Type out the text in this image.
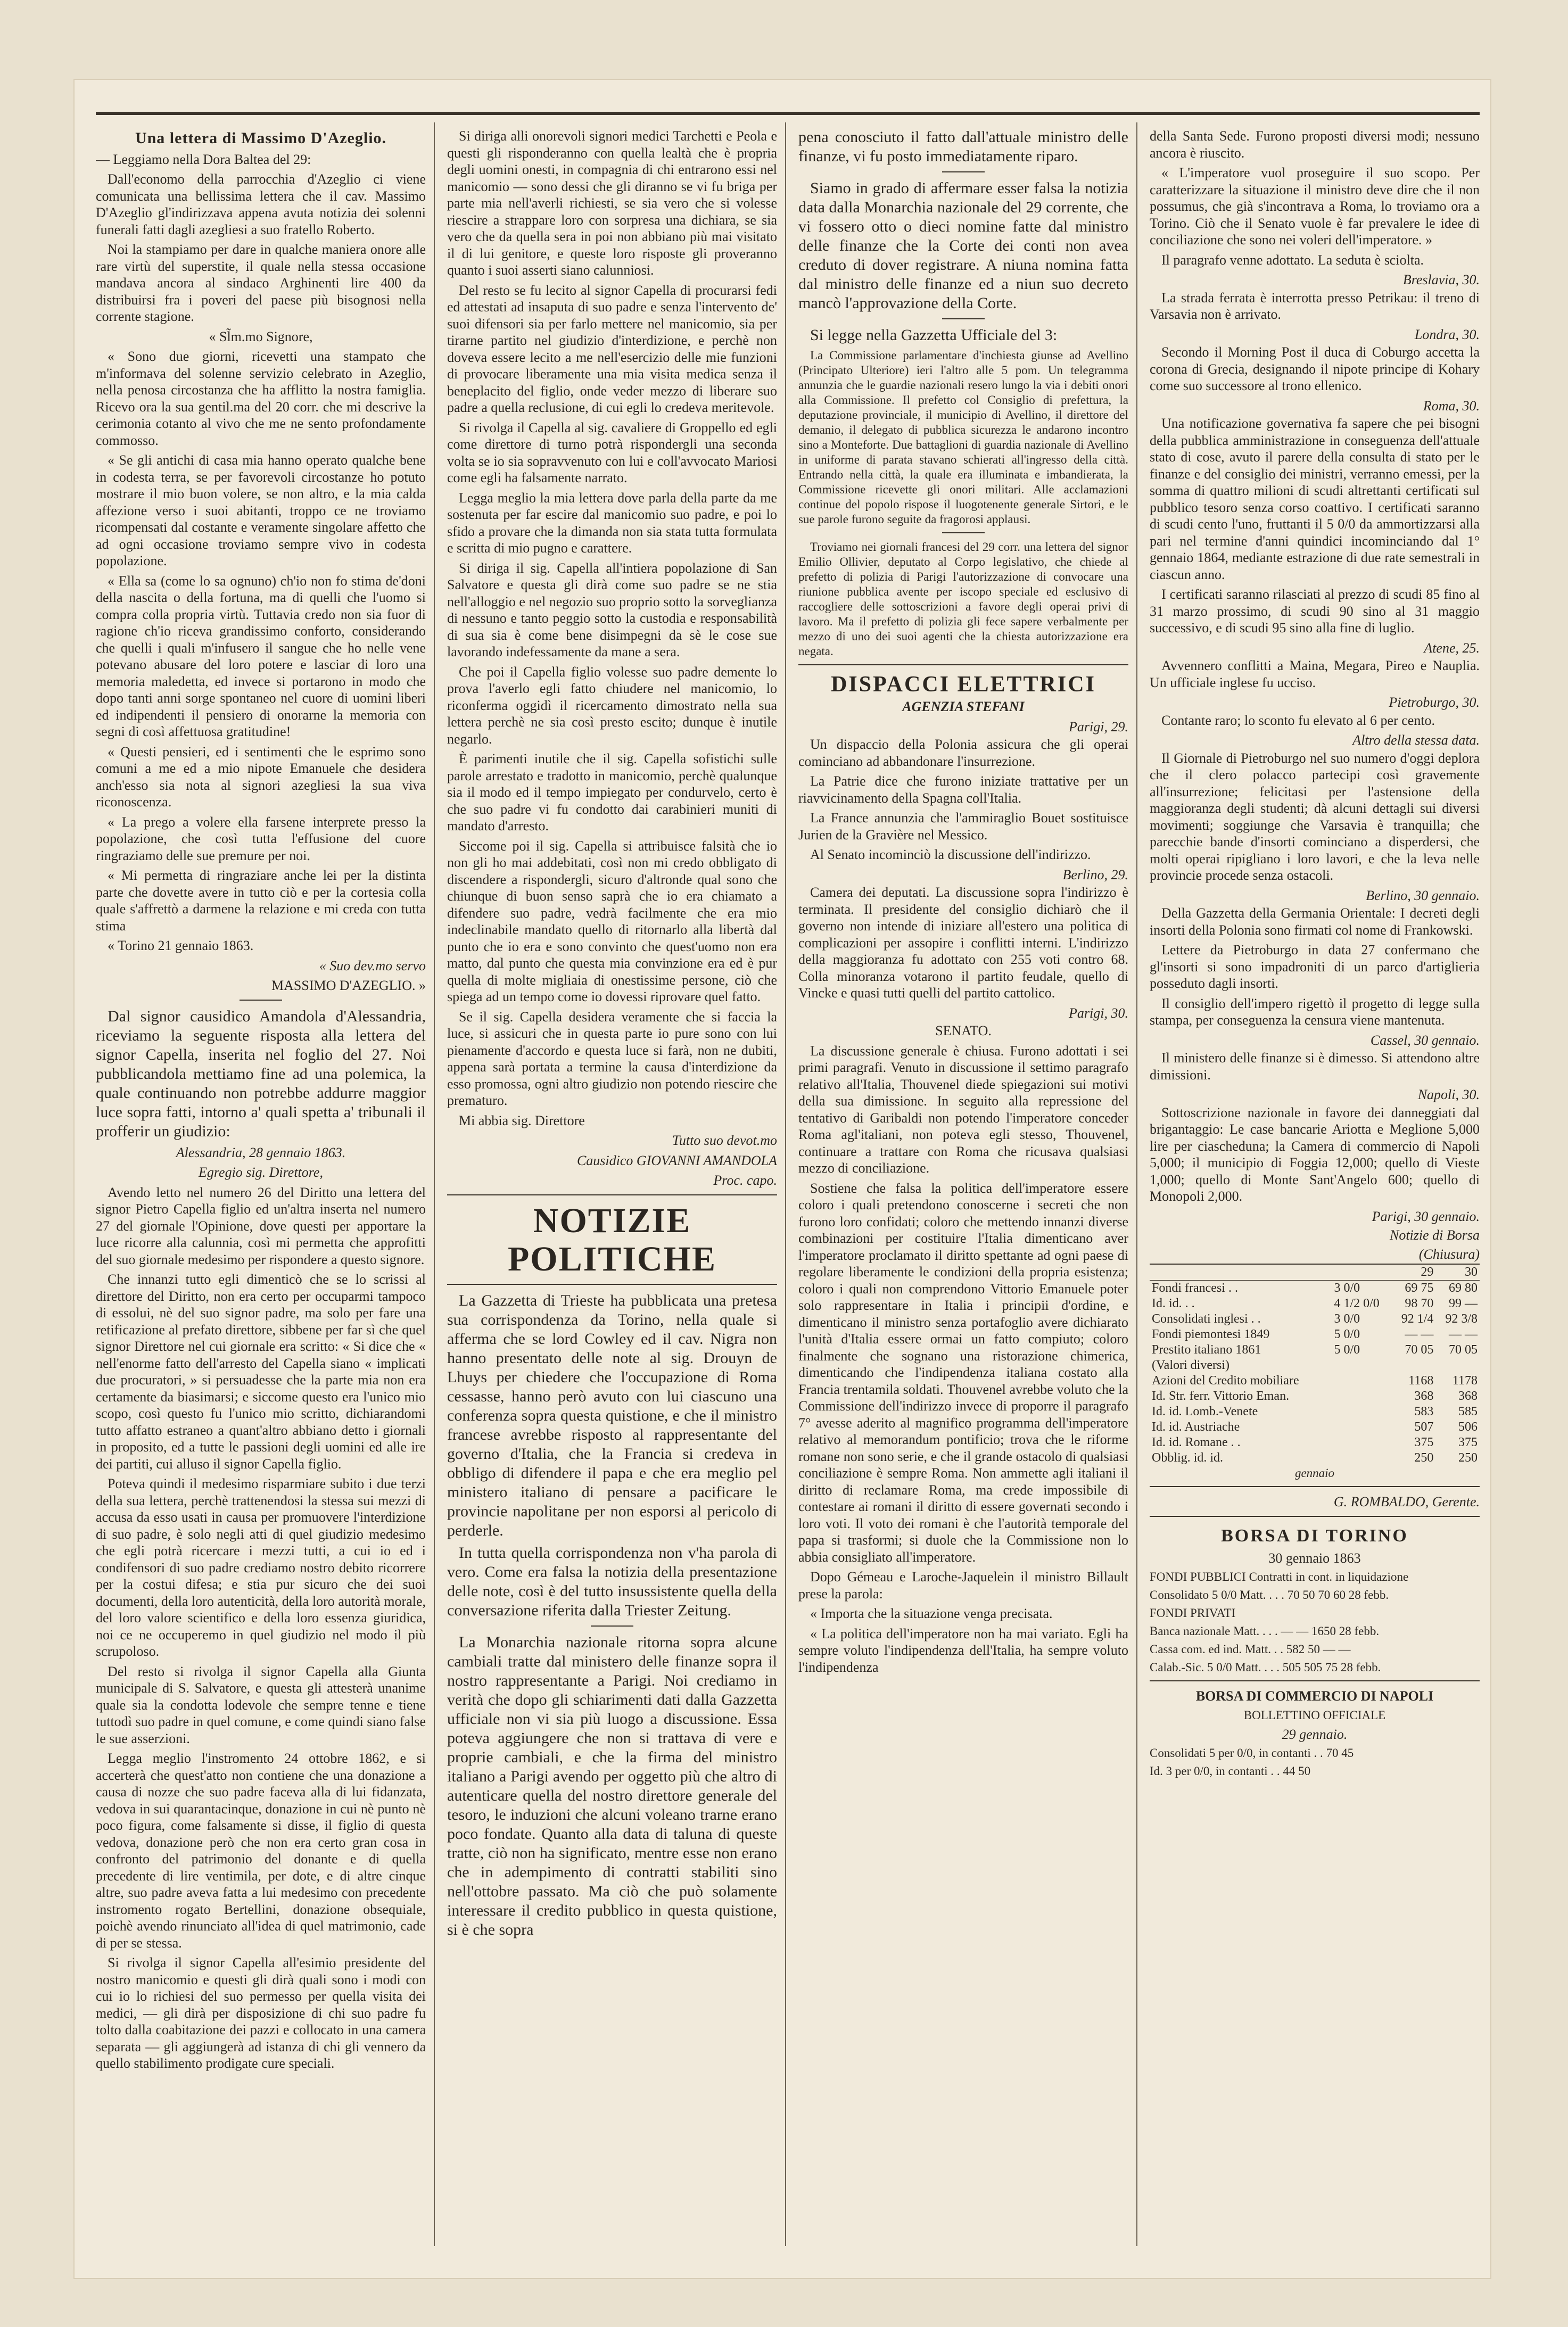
Una lettera di Massimo D'Azeglio.

— Leggiamo nella Dora Baltea del 29:

Dall'economo della parrocchia d'Azeglio ci viene comunicata una bellissima lettera che il cav. Massimo D'Azeglio gl'indirizzava appena avuta notizia dei solenni funerali fatti dagli azegliesi a suo fratello Roberto.

Noi la stampiamo per dare in qualche maniera onore alle rare virtù del superstite, il quale nella stessa occasione mandava ancora al sindaco Arghinenti lire 400 da distribuirsi fra i poveri del paese più bisognosi nella corrente stagione.

« Sl̃m.mo Signore,

« Sono due giorni, ricevetti una stampato che m'informava del solenne servizio celebrato in Azeglio, nella penosa circostanza che ha afflitto la nostra famiglia. Ricevo ora la sua gentil.ma del 20 corr. che mi descrive la cerimonia cotanto al vivo che me ne sento profondamente commosso.

« Se gli antichi di casa mia hanno operato qualche bene in codesta terra, se per favorevoli circostanze ho potuto mostrare il mio buon volere, se non altro, e la mia calda affezione verso i suoi abitanti, troppo ce ne troviamo ricompensati dal costante e veramente singolare affetto che ad ogni occasione troviamo sempre vivo in codesta popolazione.

« Ella sa (come lo sa ognuno) ch'io non fo stima de'doni della nascita o della fortuna, ma di quelli che l'uomo si compra colla propria virtù. Tuttavia credo non sia fuor di ragione ch'io riceva grandissimo conforto, considerando che quelli i quali m'infusero il sangue che ho nelle vene potevano abusare del loro potere e lasciar di loro una memoria maledetta, ed invece si portarono in modo che dopo tanti anni sorge spontaneo nel cuore di uomini liberi ed indipendenti il pensiero di onorarne la memoria con segni di così affettuosa gratitudine!

« Questi pensieri, ed i sentimenti che le esprimo sono comuni a me ed a mio nipote Emanuele che desidera anch'esso sia nota al signori azegliesi la sua viva riconoscenza.

« La prego a volere ella farsene interprete presso la popolazione, che così tutta l'effusione del cuore ringraziamo delle sue premure per noi.

« Mi permetta di ringraziare anche lei per la distinta parte che dovette avere in tutto ciò e per la cortesia colla quale s'affrettò a darmene la relazione e mi creda con tutta stima

« Torino 21 gennaio 1863.

« Suo dev.mo servo

MASSIMO D'AZEGLIO. »

Dal signor causidico Amandola d'Alessandria, riceviamo la seguente risposta alla lettera del signor Capella, inserita nel foglio del 27. Noi pubblicandola mettiamo fine ad una polemica, la quale continuando non potrebbe addurre maggior luce sopra fatti, intorno a' quali spetta a' tribunali il profferir un giudizio:

Alessandria, 28 gennaio 1863.

Egregio sig. Direttore,

Avendo letto nel numero 26 del Diritto una lettera del signor Pietro Capella figlio ed un'altra inserta nel numero 27 del giornale l'Opinione, dove questi per apportare la luce ricorre alla calunnia, così mi permetta che approfitti del suo giornale medesimo per rispondere a questo signore.

Che innanzi tutto egli dimenticò che se lo scrissi al direttore del Diritto, non era certo per occuparmi tampoco di essolui, nè del suo signor padre, ma solo per fare una retificazione al prefato direttore, sibbene per far sì che quel signor Direttore nel cui giornale era scritto: « Si dice che « nell'enorme fatto dell'arresto del Capella siano « implicati due procuratori, » si persuadesse che la parte mia non era certamente da biasimarsi; e siccome questo era l'unico mio scopo, così questo fu l'unico mio scritto, dichiarandomi tutto affatto estraneo a quant'altro abbiano detto i giornali in proposito, ed a tutte le passioni degli uomini ed alle ire dei partiti, cui alluso il signor Capella figlio.

Poteva quindi il medesimo risparmiare subito i due terzi della sua lettera, perchè trattenendosi la stessa sui mezzi di accusa da esso usati in causa per promuovere l'interdizione di suo padre, è solo negli atti di quel giudizio medesimo che egli potrà ricercare i mezzi tutti, a cui io ed i condifensori di suo padre crediamo nostro debito ricorrere per la costui difesa; e stia pur sicuro che dei suoi documenti, della loro autenticità, della loro autorità morale, del loro valore scientifico e della loro essenza giuridica, noi ce ne occuperemo in quel giudizio nel modo il più scrupoloso.

Del resto si rivolga il signor Capella alla Giunta municipale di S. Salvatore, e questa gli attesterà unanime quale sia la condotta lodevole che sempre tenne e tiene tuttodì suo padre in quel comune, e come quindi siano false le sue asserzioni.

Legga meglio l'instromento 24 ottobre 1862, e si accerterà che quest'atto non contiene che una donazione a causa di nozze che suo padre faceva alla di lui fidanzata, vedova in sui quarantacinque, donazione in cui nè punto nè poco figura, come falsamente si disse, il figlio di questa vedova, donazione però che non era certo gran cosa in confronto del patrimonio del donante e di quella precedente di lire ventimila, per dote, e di altre cinque altre, suo padre aveva fatta a lui medesimo con precedente instromento rogato Bertellini, donazione obsequiale, poichè avendo rinunciato all'idea di quel matrimonio, cade di per se stessa.

Si rivolga il signor Capella all'esimio presidente del nostro manicomio e questi gli dirà quali sono i modi con cui io lo richiesi del suo permesso per quella visita dei medici, — gli dirà per disposizione di chi suo padre fu tolto dalla coabitazione dei pazzi e collocato in una camera separata — gli aggiungerà ad istanza di chi gli vennero da quello stabilimento prodigate cure speciali.

Si diriga alli onorevoli signori medici Tarchetti e Peola e questi gli risponderanno con quella lealtà che è propria degli uomini onesti, in compagnia di chi entrarono essi nel manicomio — sono dessi che gli diranno se vi fu briga per parte mia nell'averli richiesti, se sia vero che si volesse riescire a strappare loro con sorpresa una dichiara, se sia vero che da quella sera in poi non abbiano più mai visitato il di lui genitore, e queste loro risposte gli proveranno quanto i suoi asserti siano calunniosi.

Del resto se fu lecito al signor Capella di procurarsi fedi ed attestati ad insaputa di suo padre e senza l'intervento de' suoi difensori sia per farlo mettere nel manicomio, sia per tirarne partito nel giudizio d'interdizione, e perchè non doveva essere lecito a me nell'esercizio delle mie funzioni di provocare liberamente una mia visita medica senza il beneplacito del figlio, onde veder mezzo di liberare suo padre a quella reclusione, di cui egli lo credeva meritevole.

Si rivolga il Capella al sig. cavaliere di Groppello ed egli come direttore di turno potrà rispondergli una seconda volta se io sia sopravvenuto con lui e coll'avvocato Mariosi come egli ha falsamente narrato.

Legga meglio la mia lettera dove parla della parte da me sostenuta per far escire dal manicomio suo padre, e poi lo sfido a provare che la dimanda non sia stata tutta formulata e scritta di mio pugno e carattere.

Si diriga il sig. Capella all'intiera popolazione di San Salvatore e questa gli dirà come suo padre se ne stia nell'alloggio e nel negozio suo proprio sotto la sorveglianza di nessuno e tanto peggio sotto la custodia e responsabilità di sua sia è come bene disimpegni da sè le cose sue lavorando indefessamente da mane a sera.

Che poi il Capella figlio volesse suo padre demente lo prova l'averlo egli fatto chiudere nel manicomio, lo riconferma oggidì il ricercamento dimostrato nella sua lettera perchè ne sia così presto escito; dunque è inutile negarlo.

È parimenti inutile che il sig. Capella sofistichi sulle parole arrestato e tradotto in manicomio, perchè qualunque sia il modo ed il tempo impiegato per condurvelo, certo è che suo padre vi fu condotto dai carabinieri muniti di mandato d'arresto.

Siccome poi il sig. Capella si attribuisce falsità che io non gli ho mai addebitati, così non mi credo obbligato di discendere a rispondergli, sicuro d'altronde qual sono che chiunque di buon senso saprà che io era chiamato a difendere suo padre, vedrà facilmente che era mio indeclinabile mandato quello di ritornarlo alla libertà dal punto che io era e sono convinto che quest'uomo non era matto, dal punto che questa mia convinzione era ed è pur quella di molte migliaia di onestissime persone, ciò che spiega ad un tempo come io dovessi riprovare quel fatto.

Se il sig. Capella desidera veramente che si faccia la luce, si assicuri che in questa parte io pure sono con lui pienamente d'accordo e questa luce si farà, non ne dubiti, appena sarà portata a termine la causa d'interdizione da esso promossa, ogni altro giudizio non potendo riescire che prematuro.

Mi abbia sig. Direttore

Tutto suo devot.mo

Causidico GIOVANNI AMANDOLA

Proc. capo.

NOTIZIE POLITICHE

La Gazzetta di Trieste ha pubblicata una pretesa sua corrispondenza da Torino, nella quale si afferma che se lord Cowley ed il cav. Nigra non hanno presentato delle note al sig. Drouyn de Lhuys per chiedere che l'occupazione di Roma cessasse, hanno però avuto con lui ciascuno una conferenza sopra questa quistione, e che il ministro francese avrebbe risposto al rappresentante del governo d'Italia, che la Francia si credeva in obbligo di difendere il papa e che era meglio pel ministero italiano di pensare a pacificare le provincie napolitane per non esporsi al pericolo di perderle.

In tutta quella corrispondenza non v'ha parola di vero. Come era falsa la notizia della presentazione delle note, così è del tutto insussistente quella della conversazione riferita dalla Triester Zeitung.

La Monarchia nazionale ritorna sopra alcune cambiali tratte dal ministero delle finanze sopra il nostro rappresentante a Parigi. Noi crediamo in verità che dopo gli schiarimenti dati dalla Gazzetta ufficiale non vi sia più luogo a discussione. Essa poteva aggiungere che non si trattava di vere e proprie cambiali, e che la firma del ministro italiano a Parigi avendo per oggetto più che altro di autenticare quella del nostro direttore generale del tesoro, le induzioni che alcuni voleano trarne erano poco fondate. Quanto alla data di taluna di queste tratte, ciò non ha significato, mentre esse non erano che in adempimento di contratti stabiliti sino nell'ottobre passato. Ma ciò che può solamente interessare il credito pubblico in questa quistione, si è che sopra

pena conosciuto il fatto dall'attuale ministro delle finanze, vi fu posto immediatamente riparo.

Siamo in grado di affermare esser falsa la notizia data dalla Monarchia nazionale del 29 corrente, che vi fossero otto o dieci nomine fatte dal ministro delle finanze che la Corte dei conti non avea creduto di dover registrare. A niuna nomina fatta dal ministro delle finanze ed a niun suo decreto mancò l'approvazione della Corte.

Si legge nella Gazzetta Ufficiale del 3:

La Commissione parlamentare d'inchiesta giunse ad Avellino (Principato Ulteriore) ieri l'altro alle 5 pom. Un telegramma annunzia che le guardie nazionali resero lungo la via i debiti onori alla Commissione. Il prefetto col Consiglio di prefettura, la deputazione provinciale, il municipio di Avellino, il direttore del demanio, il delegato di pubblica sicurezza le andarono incontro sino a Monteforte. Due battaglioni di guardia nazionale di Avellino in uniforme di parata stavano schierati all'ingresso della città. Entrando nella città, la quale era illuminata e imbandierata, la Commissione ricevette gli onori militari. Alle acclamazioni continue del popolo rispose il luogotenente generale Sirtori, e le sue parole furono seguite da fragorosi applausi.

Troviamo nei giornali francesi del 29 corr. una lettera del signor Emilio Ollivier, deputato al Corpo legislativo, che chiede al prefetto di polizia di Parigi l'autorizzazione di convocare una riunione pubblica avente per iscopo speciale ed esclusivo di raccogliere delle sottoscrizioni a favore degli operai privi di lavoro. Ma il prefetto di polizia gli fece sapere verbalmente per mezzo di uno dei suoi agenti che la chiesta autorizzazione era negata.

DISPACCI ELETTRICI

AGENZIA STEFANI

Parigi, 29.

Un dispaccio della Polonia assicura che gli operai cominciano ad abbandonare l'insurrezione.

La Patrie dice che furono iniziate trattative per un riavvicinamento della Spagna coll'Italia.

La France annunzia che l'ammiraglio Bouet sostituisce Jurien de la Gravière nel Messico.

Al Senato incominciò la discussione dell'indirizzo.

Berlino, 29.

Camera dei deputati. La discussione sopra l'indirizzo è terminata. Il presidente del consiglio dichiarò che il governo non intende di iniziare all'estero una politica di complicazioni per assopire i conflitti interni. L'indirizzo della maggioranza fu adottato con 255 voti contro 68. Colla minoranza votarono il partito feudale, quello di Vincke e quasi tutti quelli del partito cattolico.

Parigi, 30.

SENATO.

La discussione generale è chiusa. Furono adottati i sei primi paragrafi. Venuto in discussione il settimo paragrafo relativo all'Italia, Thouvenel diede spiegazioni sui motivi della sua dimissione. In seguito alla repressione del tentativo di Garibaldi non potendo l'imperatore conceder Roma agl'italiani, non poteva egli stesso, Thouvenel, continuare a trattare con Roma che ricusava qualsiasi mezzo di conciliazione.

Sostiene che falsa la politica dell'imperatore essere coloro i quali pretendono conoscerne i secreti che non furono loro confidati; coloro che mettendo innanzi diverse combinazioni per costituire l'Italia dimenticano aver l'imperatore proclamato il diritto spettante ad ogni paese di regolare liberamente le condizioni della propria esistenza; coloro i quali non comprendono Vittorio Emanuele poter solo rappresentare in Italia i principii d'ordine, e dimenticano il ministro senza portafoglio avere dichiarato l'unità d'Italia essere ormai un fatto compiuto; coloro finalmente che sognano una ristorazione chimerica, dimenticando che l'indipendenza italiana costato alla Francia trentamila soldati. Thouvenel avrebbe voluto che la Commissione dell'indirizzo invece di proporre il paragrafo 7° avesse aderito al magnifico programma dell'imperatore relativo al memorandum pontificio; trova che le riforme romane non sono serie, e che il grande ostacolo di qualsiasi conciliazione è sempre Roma. Non ammette agli italiani il diritto di reclamare Roma, ma crede impossibile di contestare ai romani il diritto di essere governati secondo i loro voti. Il voto dei romani è che l'autorità temporale del papa si trasformi; si duole che la Commissione non lo abbia consigliato all'imperatore.

Dopo Gémeau e Laroche-Jaquelein il ministro Billault prese la parola:

« Importa che la situazione venga precisata.

« La politica dell'imperatore non ha mai variato. Egli ha sempre voluto l'indipendenza dell'Italia, ha sempre voluto l'indipendenza

della Santa Sede. Furono proposti diversi modi; nessuno ancora è riuscito.

« L'imperatore vuol proseguire il suo scopo. Per caratterizzare la situazione il ministro deve dire che il non possumus, che già s'incontrava a Roma, lo troviamo ora a Torino. Ciò che il Senato vuole è far prevalere le idee di conciliazione che sono nei voleri dell'imperatore. »

Il paragrafo venne adottato. La seduta è sciolta.

Breslavia, 30.

La strada ferrata è interrotta presso Petrikau: il treno di Varsavia non è arrivato.

Londra, 30.

Secondo il Morning Post il duca di Coburgo accetta la corona di Grecia, designando il nipote principe di Kohary come suo successore al trono ellenico.

Roma, 30.

Una notificazione governativa fa sapere che pei bisogni della pubblica amministrazione in conseguenza dell'attuale stato di cose, avuto il parere della consulta di stato per le finanze e del consiglio dei ministri, verranno emessi, per la somma di quattro milioni di scudi altrettanti certificati sul pubblico tesoro senza corso coattivo. I certificati saranno di scudi cento l'uno, fruttanti il 5 0/0 da ammortizzarsi alla pari nel termine d'anni quindici incominciando dal 1° gennaio 1864, mediante estrazione di due rate semestrali in ciascun anno.

I certificati saranno rilasciati al prezzo di scudi 85 fino al 31 marzo prossimo, di scudi 90 sino al 31 maggio successivo, e di scudi 95 sino alla fine di luglio.

Atene, 25.

Avvennero conflitti a Maina, Megara, Pireo e Nauplia. Un ufficiale inglese fu ucciso.

Pietroburgo, 30.

Contante raro; lo sconto fu elevato al 6 per cento.

Altro della stessa data.

Il Giornale di Pietroburgo nel suo numero d'oggi deplora che il clero polacco partecipi così gravemente all'insurrezione; felicitasi per l'astensione della maggioranza degli studenti; dà alcuni dettagli sui diversi movimenti; soggiunge che Varsavia è tranquilla; che parecchie bande d'insorti cominciano a disperdersi, che molti operai ripigliano i loro lavori, e che la leva nelle provincie procede senza ostacoli.

Berlino, 30 gennaio.

Della Gazzetta della Germania Orientale: I decreti degli insorti della Polonia sono firmati col nome di Frankowski.

Lettere da Pietroburgo in data 27 confermano che gl'insorti si sono impadroniti di un parco d'artiglieria posseduto dagli insorti.

Il consiglio dell'impero rigettò il progetto di legge sulla stampa, per conseguenza la censura viene mantenuta.

Cassel, 30 gennaio.

Il ministero delle finanze si è dimesso. Si attendono altre dimissioni.

Napoli, 30.

Sottoscrizione nazionale in favore dei danneggiati dal brigantaggio: Le case bancarie Ariotta e Meglione 5,000 lire per ciascheduna; la Camera di commercio di Napoli 5,000; il municipio di Foggia 12,000; quello di Vieste 1,000; quello di Monte Sant'Angelo 600; quello di Monopoli 2,000.

Parigi, 30 gennaio.

Notizie di Borsa

(Chiusura)

		29	30
Fondi francesi . .	3 0/0	69 75	69 80
Id. id. . .	4 1/2 0/0	98 70	99 —
Consolidati inglesi . .	3 0/0	92 1/4	92 3/8
Fondi piemontesi 1849	5 0/0	— —	— —
Prestito italiano 1861	5 0/0	70 05	70 05
(Valori diversi)			
Azioni del Credito mobiliare		1168	1178
Id. Str. ferr. Vittorio Eman.		368	368
Id. id. Lomb.-Venete		583	585
Id. id. Austriache		507	506
Id. id. Romane . .		375	375
Obblig. id. id.		250	250

gennaio

G. ROMBALDO, Gerente.

BORSA DI TORINO

30 gennaio 1863

FONDI PUBBLICI Contratti in cont. in liquidazione

Consolidato 5 0/0 Matt. . . . 70 50 70 60 28 febb.

FONDI PRIVATI

Banca nazionale Matt. . . . — — 1650 28 febb.

Cassa com. ed ind. Matt. . . 582 50 — —

Calab.-Sic. 5 0/0 Matt. . . . 505 505 75 28 febb.

BORSA DI COMMERCIO DI NAPOLI

BOLLETTINO OFFICIALE

29 gennaio.

Consolidati 5 per 0/0, in contanti . . 70 45

Id. 3 per 0/0, in contanti . . 44 50
